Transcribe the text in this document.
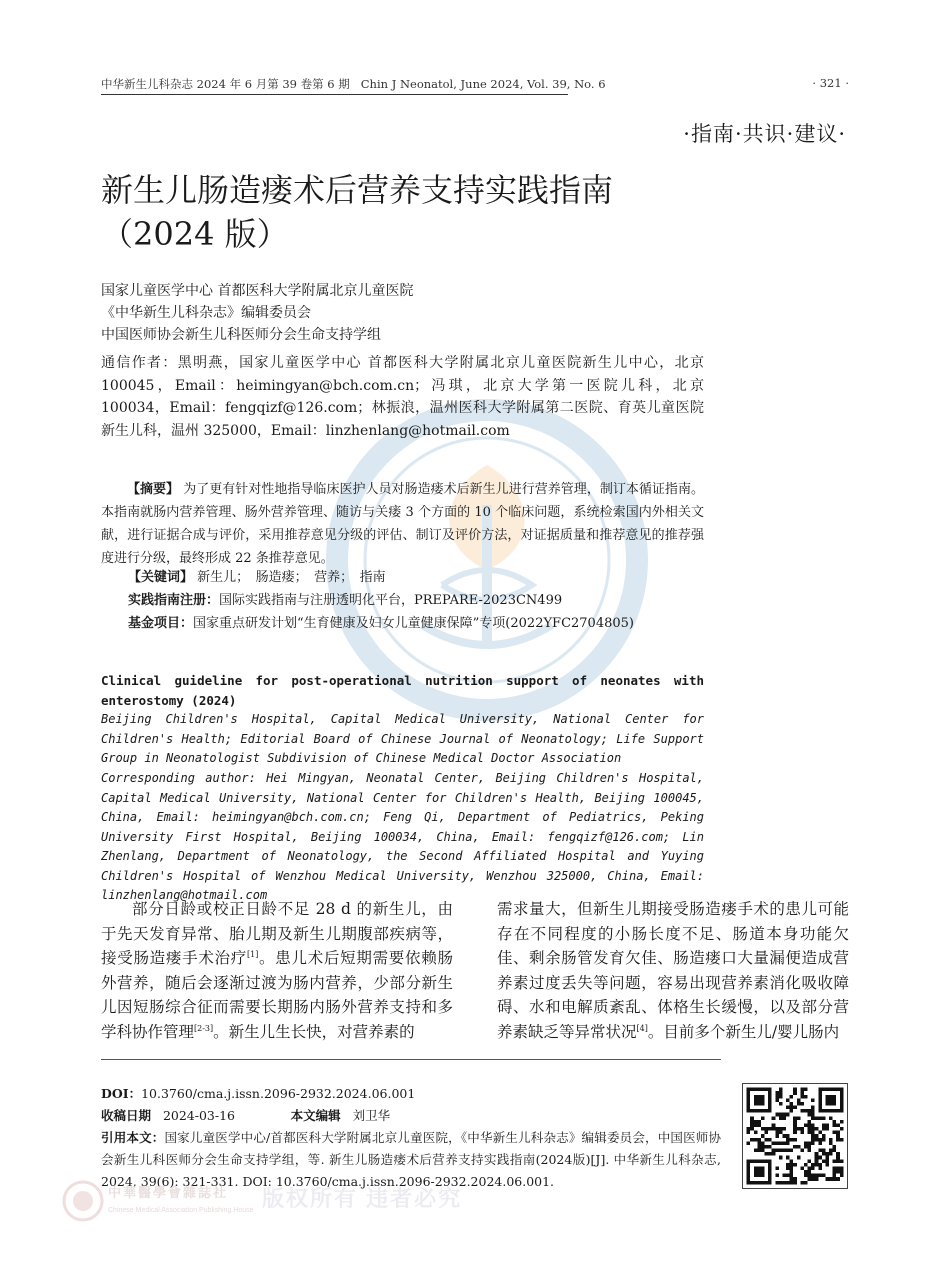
中华新生儿科杂志 2024 年 6 月第 39 卷第 6 期 Chin J Neonatol, June 2024, Vol. 39, No. 6	· 321 ·
·指南·共识·建议·
新生儿肠造瘘术后营养支持实践指南
（2024 版）

国家儿童医学中心 首都医科大学附属北京儿童医院

《中华新生儿科杂志》编辑委员会

中国医师协会新生儿科医师分会生命支持学组

通信作者：黑明燕，国家儿童医学中心 首都医科大学附属北京儿童医院新生儿中心，北京 100045，Email：heimingyan@bch.com.cn；冯琪，北京大学第一医院儿科，北京 100034，Email：fengqizf@126.com；林振浪，温州医科大学附属第二医院、育英儿童医院新生儿科，温州 325000，Email：linzhenlang@hotmail.com

【摘要】 为了更有针对性地指导临床医护人员对肠造瘘术后新生儿进行营养管理，制订本循证指南。本指南就肠内营养管理、肠外营养管理、随访与关瘘 3 个方面的 10 个临床问题，系统检索国内外相关文献，进行证据合成与评价，采用推荐意见分级的评估、制订及评价方法，对证据质量和推荐意见的推荐强度进行分级，最终形成 22 条推荐意见。

【关键词】 新生儿；　肠造瘘；　营养；　指南
实践指南注册：国际实践指南与注册透明化平台，PREPARE-2023CN499
基金项目：国家重点研发计划“生育健康及妇女儿童健康保障”专项(2022YFC2704805)

Clinical guideline for post-operational nutrition support of neonates with enterostomy (2024)

Beijing Children's Hospital, Capital Medical University, National Center for Children's Health; Editorial Board of Chinese Journal of Neonatology; Life Support Group in Neonatologist Subdivision of Chinese Medical Doctor Association

Corresponding author: Hei Mingyan, Neonatal Center, Beijing Children's Hospital, Capital Medical University, National Center for Children's Health, Beijing 100045, China, Email: heimingyan@bch.com.cn; Feng Qi, Department of Pediatrics, Peking University First Hospital, Beijing 100034, China, Email: fengqizf@126.com; Lin Zhenlang, Department of Neonatology, the Second Affiliated Hospital and Yuying Children's Hospital of Wenzhou Medical University, Wenzhou 325000, China, Email: linzhenlang@hotmail.com

部分日龄或校正日龄不足 28 d 的新生儿，由于先天发育异常、胎儿期及新生儿期腹部疾病等，接受肠造瘘手术治疗[1]。患儿术后短期需要依赖肠外营养，随后会逐渐过渡为肠内营养，少部分新生儿因短肠综合征而需要长期肠内肠外营养支持和多学科协作管理[2-3]。新生儿生长快，对营养素的

需求量大，但新生儿期接受肠造瘘手术的患儿可能存在不同程度的小肠长度不足、肠道本身功能欠佳、剩余肠管发育欠佳、肠造瘘口大量漏便造成营养素过度丢失等问题，容易出现营养素消化吸收障碍、水和电解质紊乱、体格生长缓慢，以及部分营养素缺乏等异常状况[4]。目前多个新生儿/婴儿肠内

DOI：10.3760/cma.j.issn.2096-2932.2024.06.001
收稿日期 2024-03-16	本文编辑 刘卫华

引用本文：国家儿童医学中心/首都医科大学附属北京儿童医院，《中华新生儿科杂志》编辑委员会，中国医师协会新生儿科医师分会生命支持学组，等. 新生儿肠造瘘术后营养支持实践指南(2024版)[J]. 中华新生儿科杂志, 2024, 39(6): 321-331. DOI: 10.3760/cma.j.issn.2096-2932.2024.06.001.

中華醫學會雜誌社
Chinese Medical Association Publishing House 版权所有 违者必究
